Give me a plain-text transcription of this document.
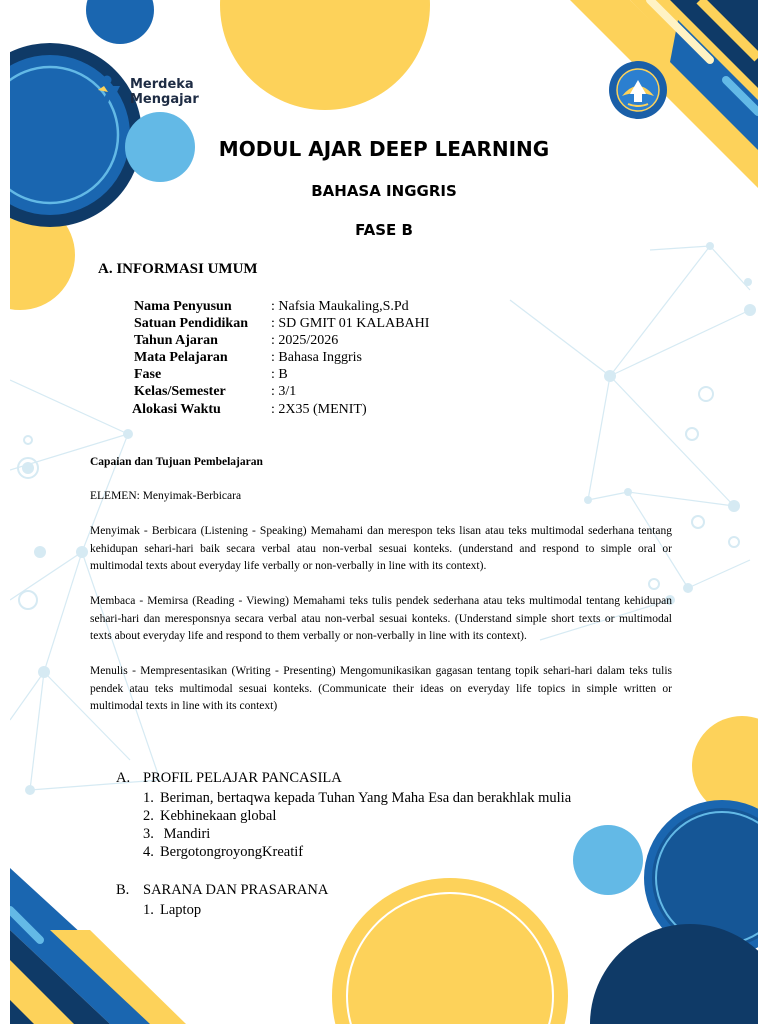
Merdeka
Mengajar
MODUL AJAR DEEP LEARNING
BAHASA INGGRIS
FASE B
A. INFORMASI UMUM
Nama Penyusun	: Nafsia Maukaling,S.Pd
Satuan Pendidikan : SD GMIT 01 KALABAHI
Tahun Ajaran	: 2025/2026
Mata Pelajaran	: Bahasa Inggris
Fase	: B
Kelas/Semester	: 3/1
Alokasi Waktu	: 2X35 (MENIT)
Capaian dan Tujuan Pembelajaran
ELEMEN: Menyimak-Berbicara
Menyimak - Berbicara (Listening - Speaking) Memahami dan merespon teks lisan atau teks multimodal sederhana tentang kehidupan sehari-hari baik secara verbal atau non-verbal sesuai konteks. (understand and respond to simple oral or multimodal texts about everyday life verbally or non-verbally in line with its context).
Membaca - Memirsa (Reading - Viewing) Memahami teks tulis pendek sederhana atau teks multimodal tentang kehidupan sehari-hari dan meresponsnya secara verbal atau non-verbal sesuai konteks. (Understand simple short texts or multimodal texts about everyday life and respond to them verbally or non-verbally in line with its context).
Menulis - Mempresentasikan (Writing - Presenting) Mengomunikasikan gagasan tentang topik sehari-hari dalam teks tulis pendek atau teks multimodal sesuai konteks. (Communicate their ideas on everyday life topics in simple written or multimodal texts in line with its context)
A. PROFIL PELAJAR PANCASILA
1. Beriman, bertaqwa kepada Tuhan Yang Maha Esa dan berakhlak mulia
2. Kebhinekaan global
3. Mandiri
4. BergotongroyongKreatif
B. SARANA DAN PRASARANA
1. Laptop
